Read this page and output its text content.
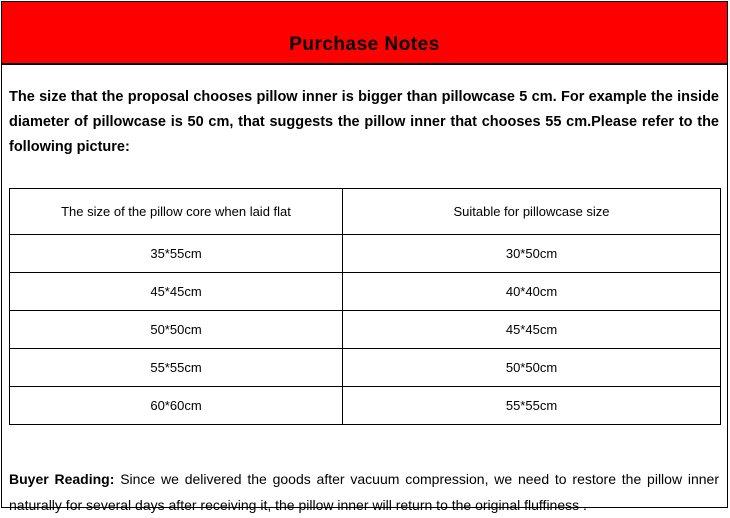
Purchase Notes
The size that the proposal chooses pillow inner is bigger than pillowcase 5 cm. For example the inside diameter of pillowcase is 50 cm, that suggests the pillow inner that chooses 55 cm.Please refer to the following picture:
The size of the pillow core when laid flat	Suitable for pillowcase size
35*55cm	30*50cm
45*45cm	40*40cm
50*50cm	45*45cm
55*55cm	50*50cm
60*60cm	55*55cm
Buyer Reading: Since we delivered the goods after vacuum compression, we need to restore the pillow inner naturally for several days after receiving it, the pillow inner will return to the original fluffiness .
